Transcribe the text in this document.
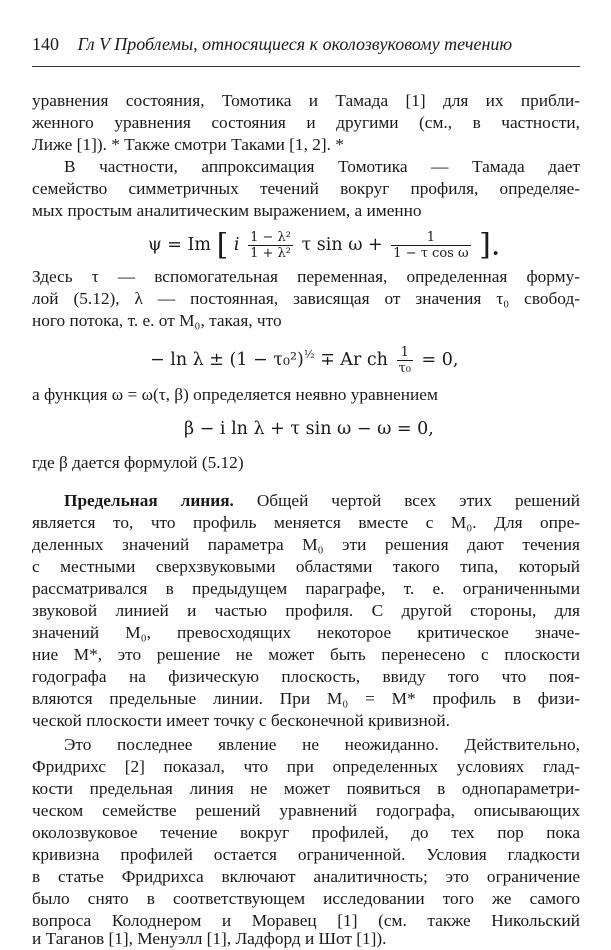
140 Гл V Проблемы, относящиеся к околозвуковому течению
уравнения состояния, Томотика и Тамада [1] для их прибли-
женного уравнения состояния и другими (см., в частности,
Лиже [1]). * Также смотри Таками [1, 2]. *
В частности, аппроксимация Томотика — Тамада дает
семейство симметричных течений вокруг профиля, определяе-
мых простым аналитическим выражением, а именно
ψ = Im [ i $\frac{\text{1 − λ²}}{\text{1 + λ²}}$ τ $\sin \omega + \frac{1}{\text{1 − τ cos ω}}$ ].
Здесь τ — вспомогательная переменная, определенная форму-
лой (5.12), λ — постоянная, зависящая от значения τ₀ свобод-
ного потока, т. е. от M₀, такая, что
− $\ln \lambda \pm (1 - \tau_0^2)^{\frac{1}{2}} \mp Ar$ ch $\frac{1}{\text{τ₀}} = 0$,
а функция ω = ω(τ, β) определяется неявно уравнением
β − i ln λ + τ sin ω − ω = 0,
где β дается формулой (5.12)
Предельная линия. Общей чертой всех этих решений
является то, что профиль меняется вместе с M₀. Для опре-
деленных значений параметра M₀ эти решения дают течения
с местными сверхзвуковыми областями такого типа, который
рассматривался в предыдущем параграфе, т. е. ограниченными
звуковой линией и частью профиля. С другой стороны, для
значений M₀, превосходящих некоторое критическое значе-
ние M*, это решение не может быть перенесено с плоскости
годографа на физическую плоскость, ввиду того что поя-
вляются предельные линии. При M₀ = M* профиль в физи-
ческой плоскости имеет точку с бесконечной кривизной.
Это последнее явление не неожиданно. Действительно,
Фридрихс [2] показал, что при определенных условиях глад-
кости предельная линия не может появиться в однопараметри-
ческом семействе решений уравнений годографа, описывающих
околозвуковое течение вокруг профилей, до тех пор пока
кривизна профилей остается ограниченной. Условия гладкости
в статье Фридрихса включают аналитичность; это ограничение
было снято в соответствующем исследовании того же самого
вопроса Колоднером и Моравец [1] (см. также Никольский
и Таганов [1], Менуэлл [1], Ладфорд и Шот [1]).
